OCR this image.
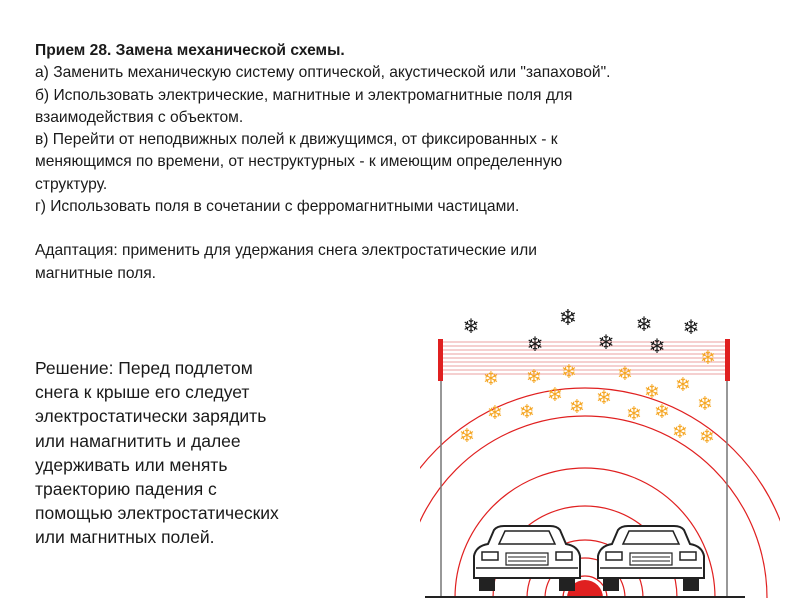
Прием 28. Замена механической схемы.
а) Заменить механическую систему оптической, акустической или "запаховой".
б) Использовать электрические, магнитные и электромагнитные поля для
взаимодействия с объектом.
в) Перейти от неподвижных полей к движущимся, от фиксированных - к
меняющимся по времени, от неструктурных - к имеющим определенную
структуру.
г) Использовать поля в сочетании с ферромагнитными частицами.
Адаптация: применить для удержания снега электростатические или
магнитные поля.
Решение: Перед подлетом
снега к крыше его следует
электростатически зарядить
или намагнитить и далее
удерживать или менять
траекторию падения с
помощью электростатических
или магнитных полей.
❄	❄	❄ ❄
❄	❄ ❄ ❄
❄ ❄ ❄ ❄ ❄
❄ ❄ ❄
❄
❄ ❄ ❄ ❄ ❄
❄	❄ ❄
